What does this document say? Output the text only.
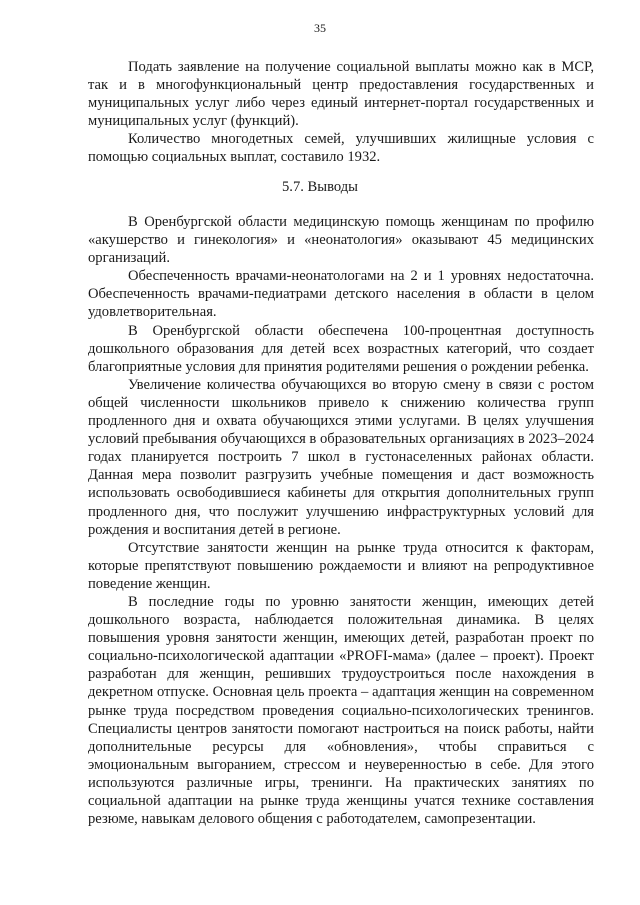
35

Подать заявление на получение социальной выплаты можно как в МСР, так и в многофункциональный центр предоставления государственных и муниципальных услуг либо через единый интернет-портал государственных и муниципальных услуг (функций).

Количество многодетных семей, улучшивших жилищные условия с помощью социальных выплат, составило 1932.

5.7. Выводы

В Оренбургской области медицинскую помощь женщинам по профилю «акушерство и гинекология» и «неонатология» оказывают 45 медицинских организаций.

Обеспеченность врачами-неонатологами на 2 и 1 уровнях недостаточна. Обеспеченность врачами-педиатрами детского населения в области в целом удовлетворительная.

В Оренбургской области обеспечена 100-процентная доступность дошкольного образования для детей всех возрастных категорий, что создает благоприятные условия для принятия родителями решения о рождении ребенка.

Увеличение количества обучающихся во вторую смену в связи с ростом общей численности школьников привело к снижению количества групп продленного дня и охвата обучающихся этими услугами. В целях улучшения условий пребывания обучающихся в образовательных организациях в 2023–2024 годах планируется построить 7 школ в густонаселенных районах области. Данная мера позволит разгрузить учебные помещения и даст возможность использовать освободившиеся кабинеты для открытия дополнительных групп продленного дня, что послужит улучшению инфраструктурных условий для рождения и воспитания детей в регионе.

Отсутствие занятости женщин на рынке труда относится к факторам, которые препятствуют повышению рождаемости и влияют на репродуктивное поведение женщин.

В последние годы по уровню занятости женщин, имеющих детей дошкольного возраста, наблюдается положительная динамика. В целях повышения уровня занятости женщин, имеющих детей, разработан проект по социально-психологической адаптации «PROFI-мама» (далее – проект). Проект разработан для женщин, решивших трудоустроиться после нахождения в декретном отпуске. Основная цель проекта – адаптация женщин на современном рынке труда посредством проведения социально-психологических тренингов. Специалисты центров занятости помогают настроиться на поиск работы, найти дополнительные ресурсы для «обновления», чтобы справиться с эмоциональным выгоранием, стрессом и неуверенностью в себе. Для этого используются различные игры, тренинги. На практических занятиях по социальной адаптации на рынке труда женщины учатся технике составления резюме, навыкам делового общения с работодателем, самопрезентации.
